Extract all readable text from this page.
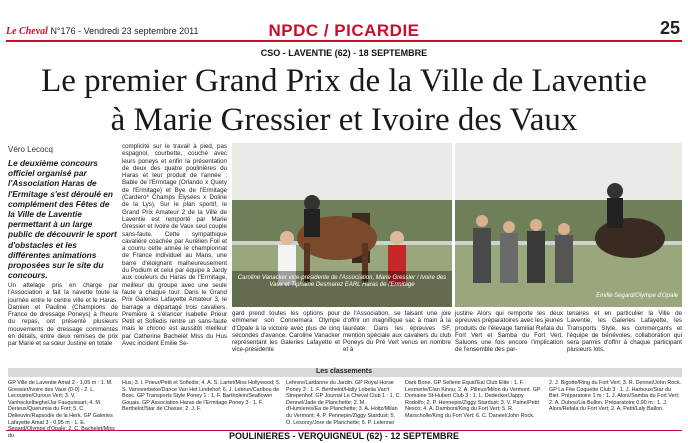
Le Cheval N°176 - Vendredi 23 septembre 2011	NPDC / PICARDIE	25
CSO - LAVENTIE (62) - 18 SEPTEMBRE
Le premier Grand Prix de la Ville de Laventie
à Marie Gressier et Ivoire des Vaux
Véro Lecocq
Le deuxième concours officiel organisé par l'Association Haras de l'Ermitage s'est déroulé en complément des Fêtes de la Ville de Laventie permettant à un large public de découvrir le sport d'obstacles et les différentes animations proposées sur le site du concours.
Un attelage pris en charge par l'Association a fait la navette toute la journée entre le centre ville et le Haras. Damien et Pauline (Champions de France de dressage Poneys) à l'heure du repas, ont présenté plusieurs mouvements de dressage commentés en détails, entre deux remises de prix par Marie et sa sœur Justine en totale
complicité sur le travail à pied, pas espagnol, courbette, couché avec leurs poneys et enfin la présentation de deux des quatre poulinières du Haras et leur produit de l'année : Babie de l'Ermitage (Orlando x Quety de l'Ermitage) et Bye de l'Ermitage (Cardero* Champs Elysées x Doline de la Lys). Sur le plan sportif, le Grand Prix Amateur 2 de la Ville de Laventie est remporté par Marie Gressier et Ivoire de Vaux seul couple sans-faute. Cette sympathique cavalière coachée par Aurélien Foil et a courru cette année le championnat de France individuel au Mans, une barre d'éloignant malheureusement du Podium et celui par équipe à Jardy aux couleurs du Haras de l'Ermitage, meilleur du groupe avec une seule faute à chaque tour. Dans le Grand Prix Galeries Lafayette Amateur 3, le barrage a départagé trois cavaliers. Première à s'élancer Isabelle Prieur Petit et Sofiedis rentre un sans-faute mais le chrono est aussitôt meilleur par Catherine Bachelet Miss du Hus Avec incident Emilie Se-
gard prend toutes les options pour emmener son Connemara Olympe d'Opale à la victoire avec plus de cinq secondes d'avance. Caroline Vanacker représentant les Galeries Lafayette et vice-présidente
de l'Association, se faisant une joie d'offrir un magnifique sac à main à la lauréate. Dans les épreuves SF, mention spéciale aux cavaliers du club Poneys du Pré Vert venus en nombre et à
justine Alors qui remporte les deux épreuves préparatoires avec les jeunes produits de l'élevage familial Refala du Fort Vert et Samba du Fort Vert. Saluons une fois encore l'implication de l'ensemble des par-
tenaires et en particulier la Ville de Laventie, les Galeries Lafayette, les Transports Style, les commerçants et l'équipe de bénévoles, collaboration qui sera parmis d'offrir à chaque participant plusieurs lots.
Caroline Vanacker vice-présidente de l'Association, Marie Gressier / Ivoire des Vaux et Tiphaine Desmarez EARL Haras de l'Ermitage
Emilie Segard/Olympe d'Opale
Les classements
GP Ville de Laventie Amat 2 - 1,05 m : 1. M. Gressier/Ivoire des Vaux (0-0) - 2. L. Lecoustre/Ourous Vert; 3. V. Vanheckelbeghe/Jar Fauquissart; 4. M. Derieux/Querumia du Fort; 5. C. Delieuvin/Rapsodie de la Herk. GP Galeries Lafayette Amat 3 - 0,95 m : 1. E. du
Hus; 3. I. Prieur/Petit et Sofiedis; 4. A. S. Lartet/Miss Hollywood; 5. S. Vanoverbeke/Dance Van Het Lindehof; 6. J. Lebrun/Caribou de Bosc. GP Transports Style Poney 1 : 1. F. Bartholein/Seaflower Gouais. GP Association Haras de l'Ermitage Poney 3 : 1. F. Berthelot/Star de Chasse; 2. J. F.
Lefevre/Lardanne du Jardin. GP Royal Horse Poney 3 : 1. F. Berthelot/Hally Lobelia Van't Strepenhof. GP Journal Le Cheval Club 1 : 1. C. Dennel/Jade de Planchette; 2. M. d'Humieres/Ea de Planchette; 3. A. Holtz/Milan du Vermont; 4. P. Pennepin/Ziggy Stardust; 5. O. Lesonry/Jore de Planchette; 6. P. Lelenne/
Dark Bone. GP Sellerie Equid'Eal Club Elite : 1. F. Lesmerle/Clan Kinou; 2. A. Pilleux/Milon du Vermont. GP Domaine St-Hubert Club 3 : 1. L. Dedecker/Jappy Rodolfo; 2. P. Hennepin/Ziggy Stardust; 3. V. Paine/Petit Nesco; 4. A. Damboni/King du Fort Vert; 5. R. Marscholle/King du Fort Vert; 6. C. Daneel/John Rock.
2. J. Bigotte/Ring du Fort Vert; 3. R. Dennel/John Rock. GP La Fée Coquette Club 3 : 1. J. Harboux/Star du Biet. Préparatoire 1 m : 1. J. Alors/Samba du Fort Vert; 2. A. Dubos/Lia Bullon. Préparatoire 0,90 m : 1. J. Alors/Refala du Fort Vert; 2. A. Petit/Laly Ballon.
POULINIERES - VERQUIGNEUL (62) - 12 SEPTEMBRE
